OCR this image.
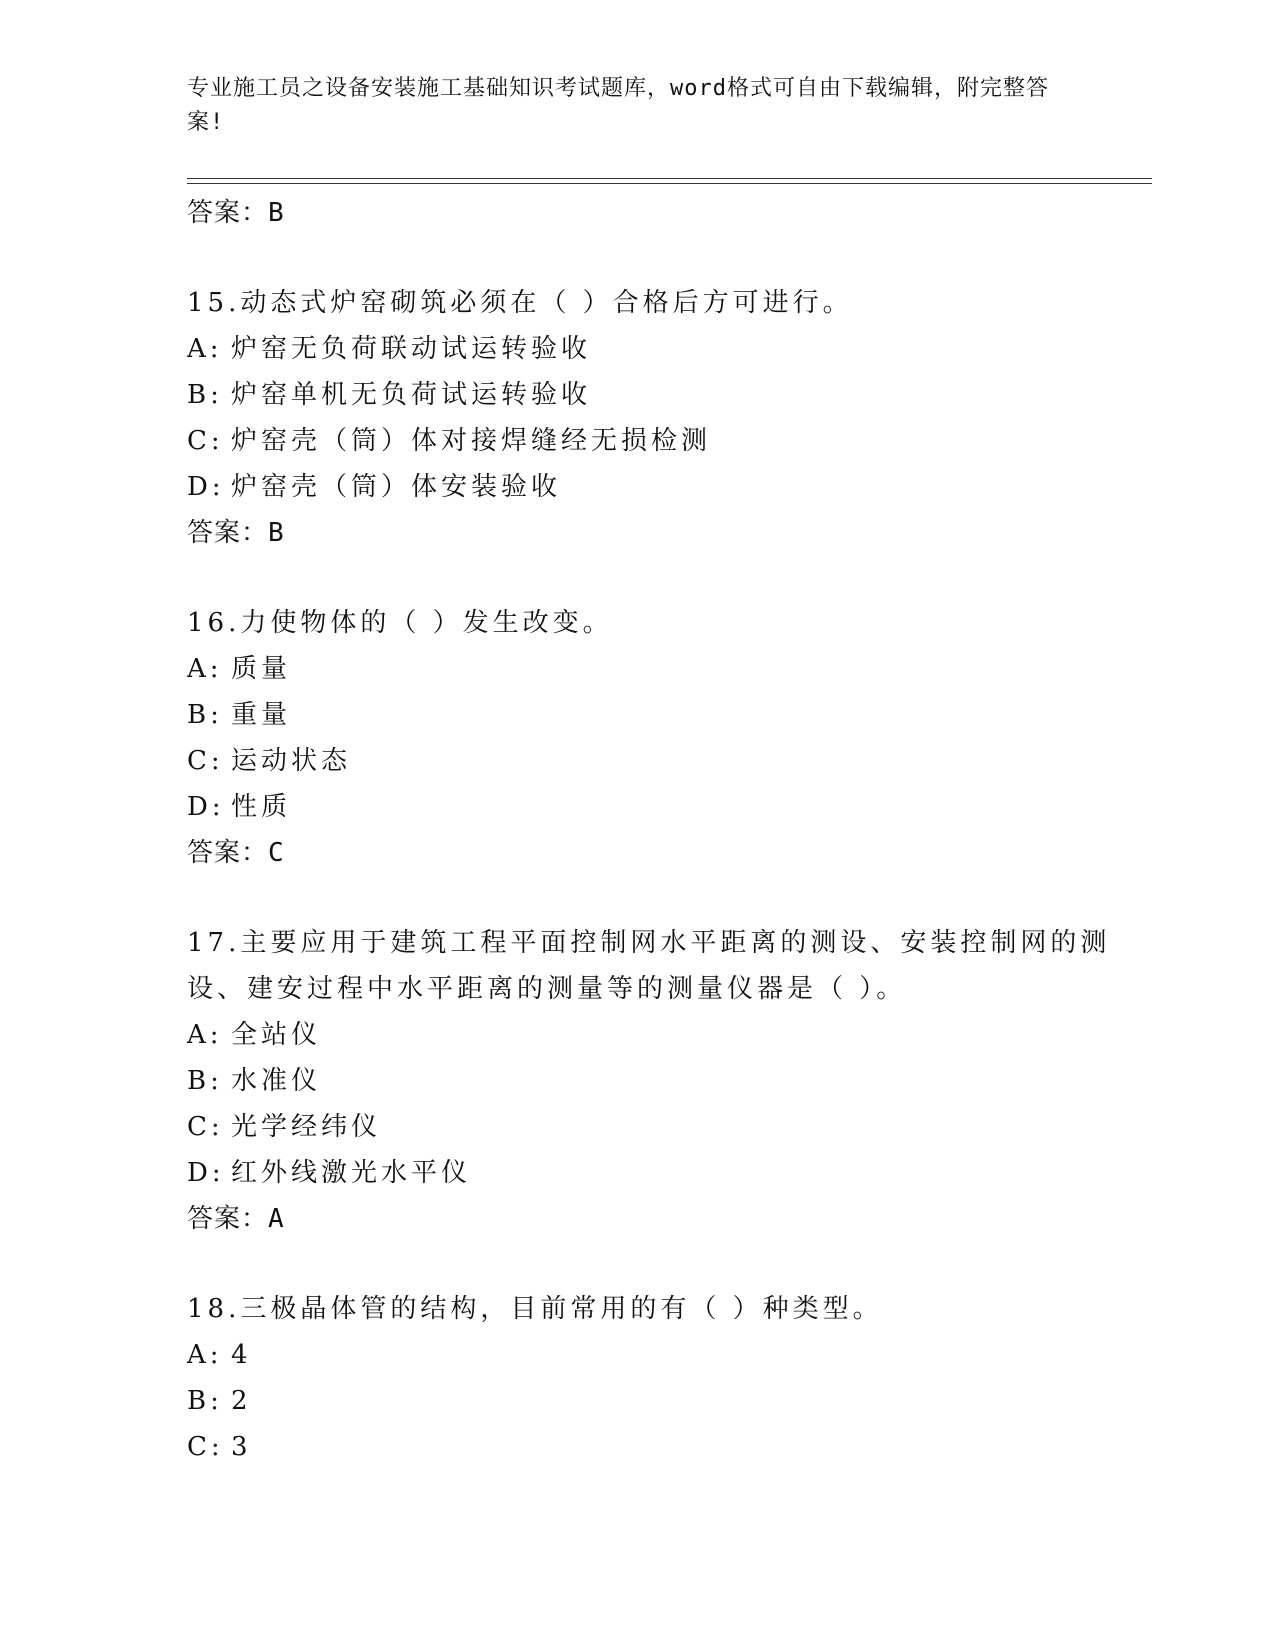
专业施工员之设备安装施工基础知识考试题库，word格式可自由下载编辑，附完整答案!
答案：B
15.动态式炉窑砌筑必须在（ ）合格后方可进行。
A: 炉窑无负荷联动试运转验收
B: 炉窑单机无负荷试运转验收
C: 炉窑壳（筒）体对接焊缝经无损检测
D: 炉窑壳（筒）体安装验收
答案：B
16.力使物体的（ ）发生改变。
A: 质量
B: 重量
C: 运动状态
D: 性质
答案：C
17.主要应用于建筑工程平面控制网水平距离的测设、安装控制网的测设、建安过程中水平距离的测量等的测量仪器是（ ）。
A: 全站仪
B: 水准仪
C: 光学经纬仪
D: 红外线激光水平仪
答案：A
18.三极晶体管的结构，目前常用的有（ ）种类型。
A: 4
B: 2
C: 3
